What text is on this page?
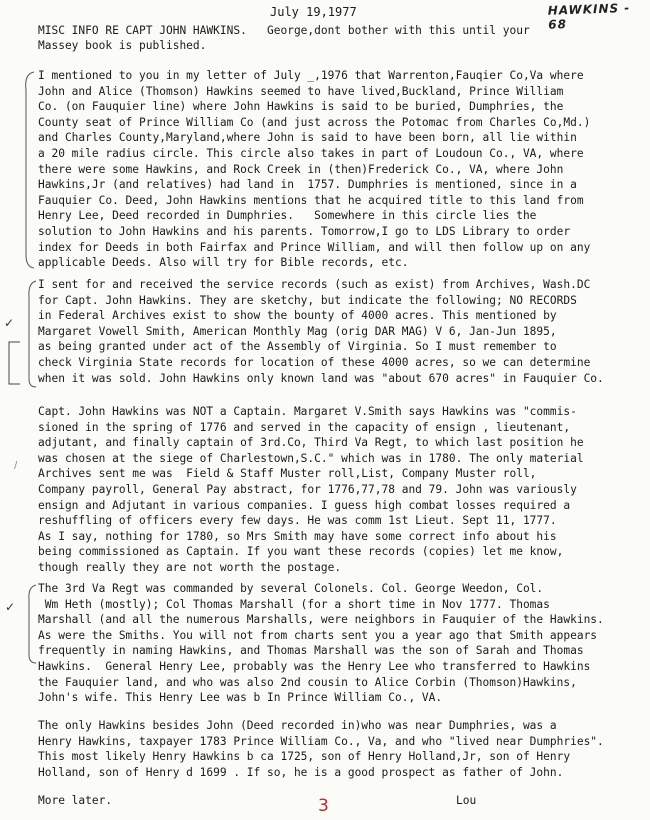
July 19,1977	HAWKINS - 68
MISC INFO RE CAPT JOHN HAWKINS.   George,dont bother with this until your
Massey book is published.
✓
✓
/
I mentioned to you in my letter of July _,1976 that Warrenton,Fauqier Co,Va where
John and Alice (Thomson) Hawkins seemed to have lived,Buckland, Prince William
Co. (on Fauquier line) where John Hawkins is said to be buried, Dumphries, the
County seat of Prince William Co (and just across the Potomac from Charles Co,Md.)
and Charles County,Maryland,where John is said to have been born, all lie within
a 20 mile radius circle. This circle also takes in part of Loudoun Co., VA, where
there were some Hawkins, and Rock Creek in (then)Frederick Co., VA, where John
Hawkins,Jr (and relatives) had land in  1757. Dumphries is mentioned, since in a
Fauquier Co. Deed, John Hawkins mentions that he acquired title to this land from
Henry Lee, Deed recorded in Dumphries.   Somewhere in this circle lies the
solution to John Hawkins and his parents. Tomorrow,I go to LDS Library to order
index for Deeds in both Fairfax and Prince William, and will then follow up on any
applicable Deeds. Also will try for Bible records, etc.
I sent for and received the service records (such as exist) from Archives, Wash.DC
for Capt. John Hawkins. They are sketchy, but indicate the following; NO RECORDS
in Federal Archives exist to show the bounty of 4000 acres. This mentioned by
Margaret Vowell Smith, American Monthly Mag (orig DAR MAG) V 6, Jan-Jun 1895,
as being granted under act of the Assembly of Virginia. So I must remember to
check Virginia State records for location of these 4000 acres, so we can determine
when it was sold. John Hawkins only known land was "about 670 acres" in Fauquier Co.
Capt. John Hawkins was NOT a Captain. Margaret V.Smith says Hawkins was "commis-
sioned in the spring of 1776 and served in the capacity of ensign , lieutenant,
adjutant, and finally captain of 3rd.Co, Third Va Regt, to which last position he
was chosen at the siege of Charlestown,S.C." which was in 1780. The only material
Archives sent me was  Field & Staff Muster roll,List, Company Muster roll,
Company payroll, General Pay abstract, for 1776,77,78 and 79. John was variously
ensign and Adjutant in various companies. I guess high combat losses required a
reshuffling of officers every few days. He was comm 1st Lieut. Sept 11, 1777.
As I say, nothing for 1780, so Mrs Smith may have some correct info about his
being commissioned as Captain. If you want these records (copies) let me know,
though really they are not worth the postage.
The 3rd Va Regt was commanded by several Colonels. Col. George Weedon, Col.
Wm Heth (mostly); Col Thomas Marshall (for a short time in Nov 1777. Thomas
Marshall (and all the numerous Marshalls, were neighbors in Fauquier of the Hawkins.
As were the Smiths. You will not from charts sent you a year ago that Smith appears
frequently in naming Hawkins, and Thomas Marshall was the son of Sarah and Thomas
Hawkins.  General Henry Lee, probably was the Henry Lee who transferred to Hawkins
the Fauquier land, and who was also 2nd cousin to Alice Corbin (Thomson)Hawkins,
John's wife. This Henry Lee was b In Prince William Co., VA.
The only Hawkins besides John (Deed recorded in)who was near Dumphries, was a
Henry Hawkins, taxpayer 1783 Prince William Co., Va, and who "lived near Dumphries".
This most likely Henry Hawkins b ca 1725, son of Henry Holland,Jr, son of Henry
Holland, son of Henry d 1699 . If so, he is a good prospect as father of John.
More later.	3	Lou
